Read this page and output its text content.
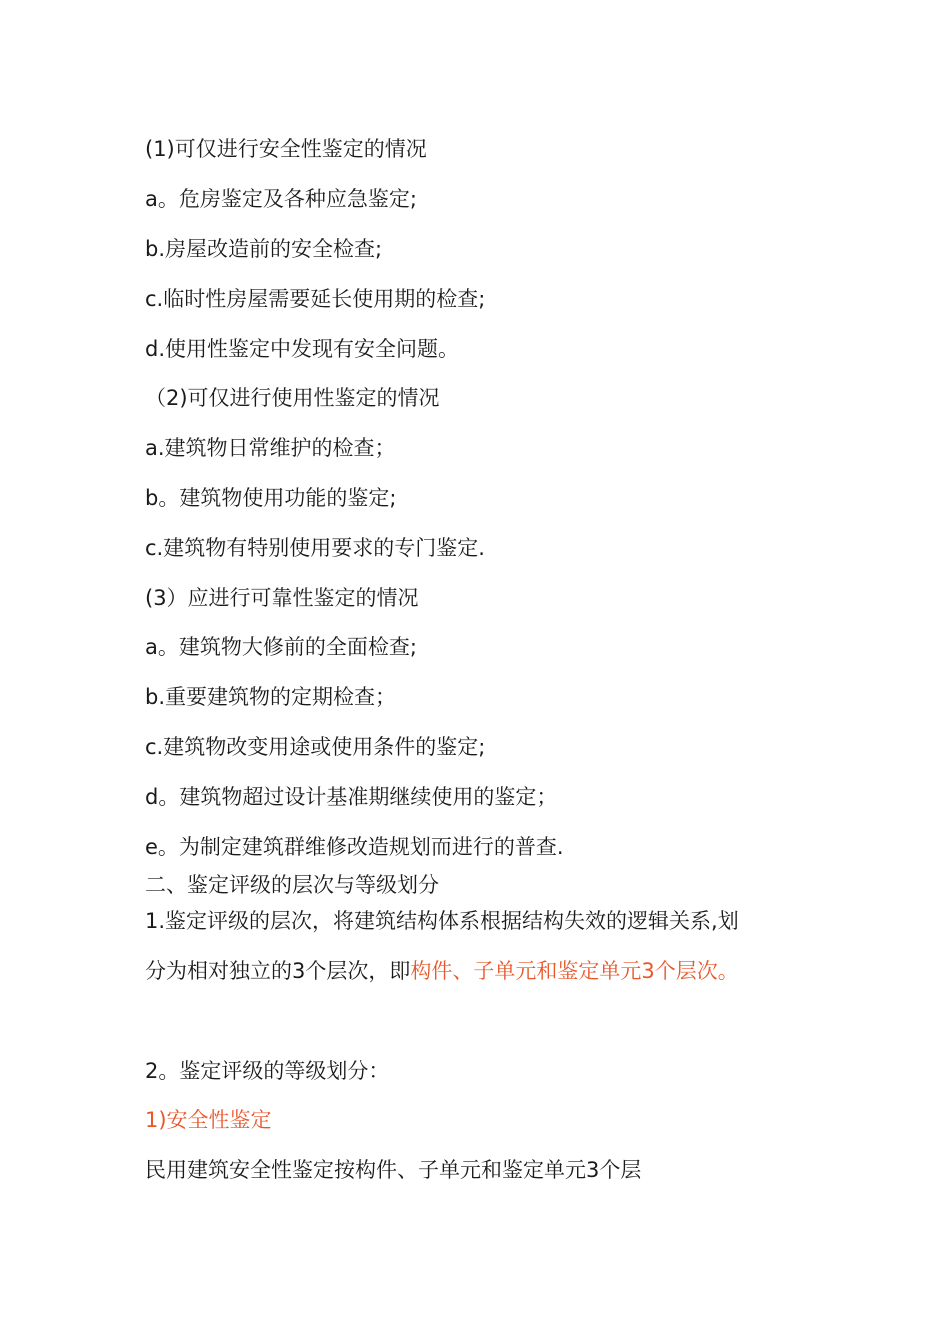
(1)可仅进行安全性鉴定的情况
a。危房鉴定及各种应急鉴定;
b.房屋改造前的安全检查;
c.临时性房屋需要延长使用期的检查;
d.使用性鉴定中发现有安全问题。
（2)可仅进行使用性鉴定的情况
a.建筑物日常维护的检查；
b。建筑物使用功能的鉴定;
c.建筑物有特别使用要求的专门鉴定.
(3）应进行可靠性鉴定的情况
a。建筑物大修前的全面检查;
b.重要建筑物的定期检查；
c.建筑物改变用途或使用条件的鉴定;
d。建筑物超过设计基准期继续使用的鉴定；
e。为制定建筑群维修改造规划而进行的普查.
二、鉴定评级的层次与等级划分
1.鉴定评级的层次，将建筑结构体系根据结构失效的逻辑关系,划
分为相对独立的3个层次，即构件、子单元和鉴定单元3个层次。
2。鉴定评级的等级划分：
1)安全性鉴定
民用建筑安全性鉴定按构件、子单元和鉴定单元3个层
